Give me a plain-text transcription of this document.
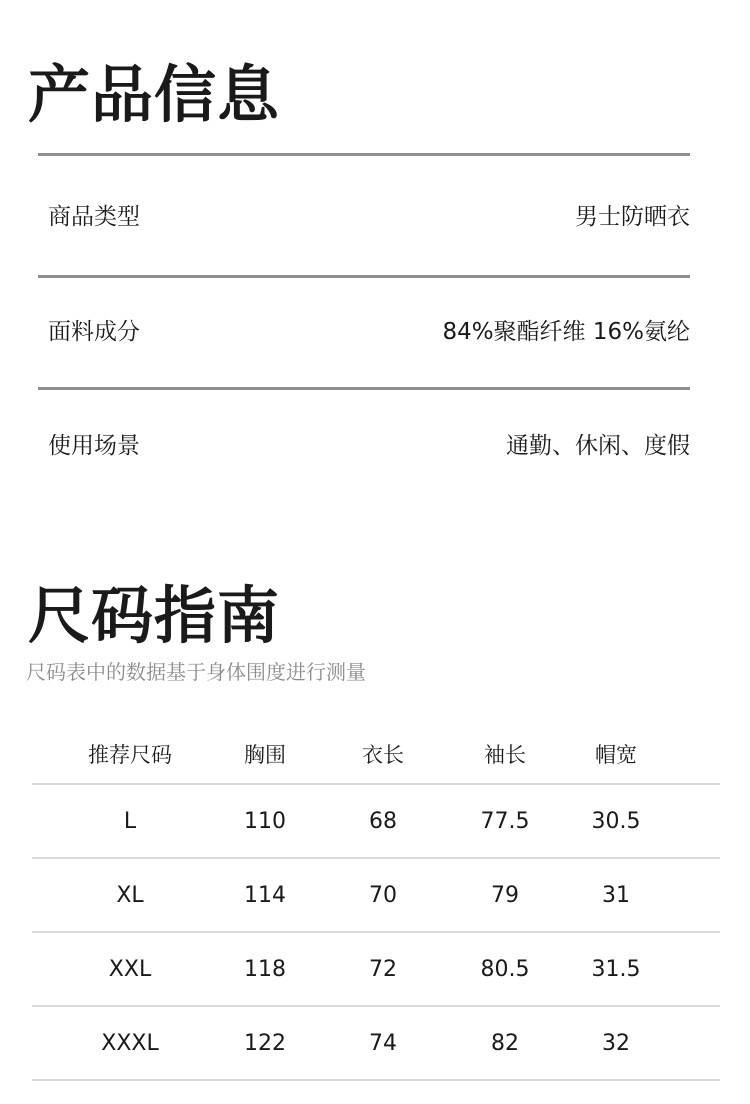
产品信息
商品类型	男士防晒衣
面料成分	84%聚酯纤维 16%氨纶
使用场景	通勤、休闲、度假
尺码指南
尺码表中的数据基于身体围度进行测量
推荐尺码	胸围	衣长	袖长	帽宽
L	110	68	77.5	30.5
XL	114	70	79	31
XXL	118	72	80.5	31.5
XXXL	122	74	82	32
